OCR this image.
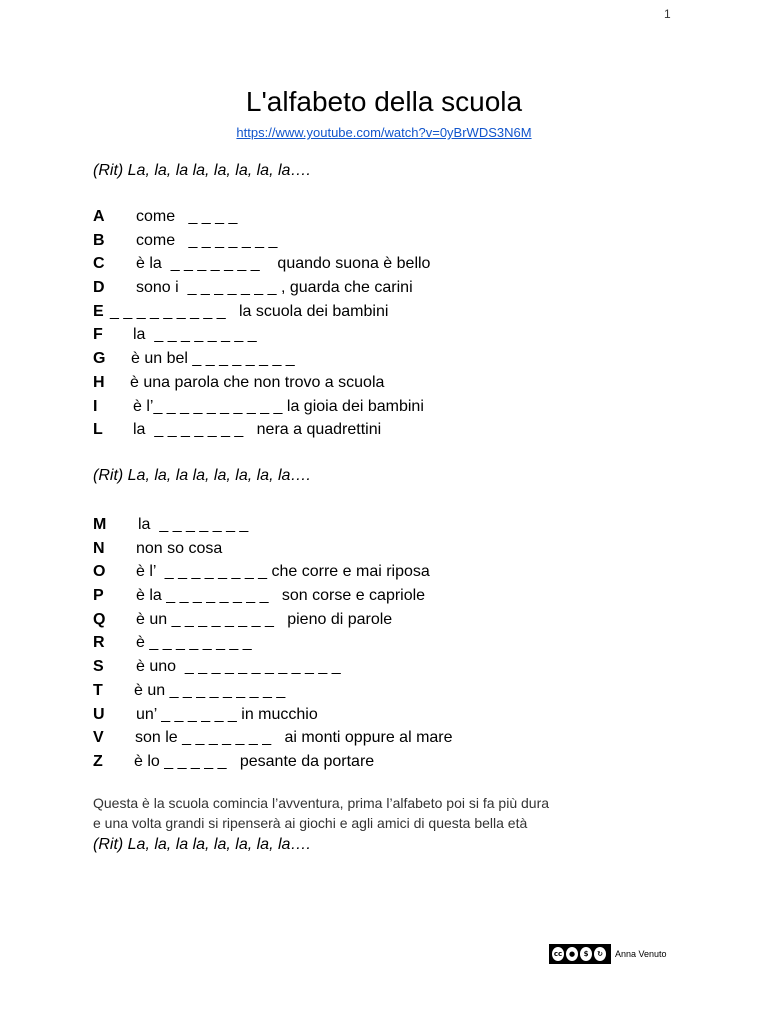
1
L'alfabeto della scuola
https://www.youtube.com/watch?v=0yBrWDS3N6M
(Rit) La, la, la la, la, la, la, la….
A come   _ _ _ _
B come   _ _ _ _ _ _ _
C è la  _ _ _ _ _ _ _    quando suona è bello
D sono i  _ _ _ _ _ _ _ , guarda che carini
E _ _ _ _ _ _ _ _ _   la scuola dei bambini
F la  _ _ _ _ _ _ _ _
G è un bel _ _ _ _ _ _ _ _
H è una parola che non trovo a scuola
I è l’_ _ _ _ _ _ _ _ _ _ la gioia dei bambini
L la  _ _ _ _ _ _ _   nera a quadrettini
(Rit) La, la, la la, la, la, la, la….
M la  _ _ _ _ _ _ _
N non so cosa
O è l’  _ _ _ _ _ _ _ _ che corre e mai riposa
P è la _ _ _ _ _ _ _ _   son corse e capriole
Q è un _ _ _ _ _ _ _ _   pieno di parole
R è _ _ _ _ _ _ _ _
S è uno  _ _ _ _ _ _ _ _ _ _ _ _
T è un _ _ _ _ _ _ _ _ _
U un’ _ _ _ _ _ _ in mucchio
V son le _ _ _ _ _ _ _   ai monti oppure al mare
Z è lo _ _ _ _ _   pesante da portare
Questa è la scuola comincia l’avventura, prima l’alfabeto poi si fa più dura
e una volta grandi si ripenserà ai giochi e agli amici di questa bella età
(Rit) La, la, la la, la, la, la, la….
cc ●	$	↻	Anna Venuto
